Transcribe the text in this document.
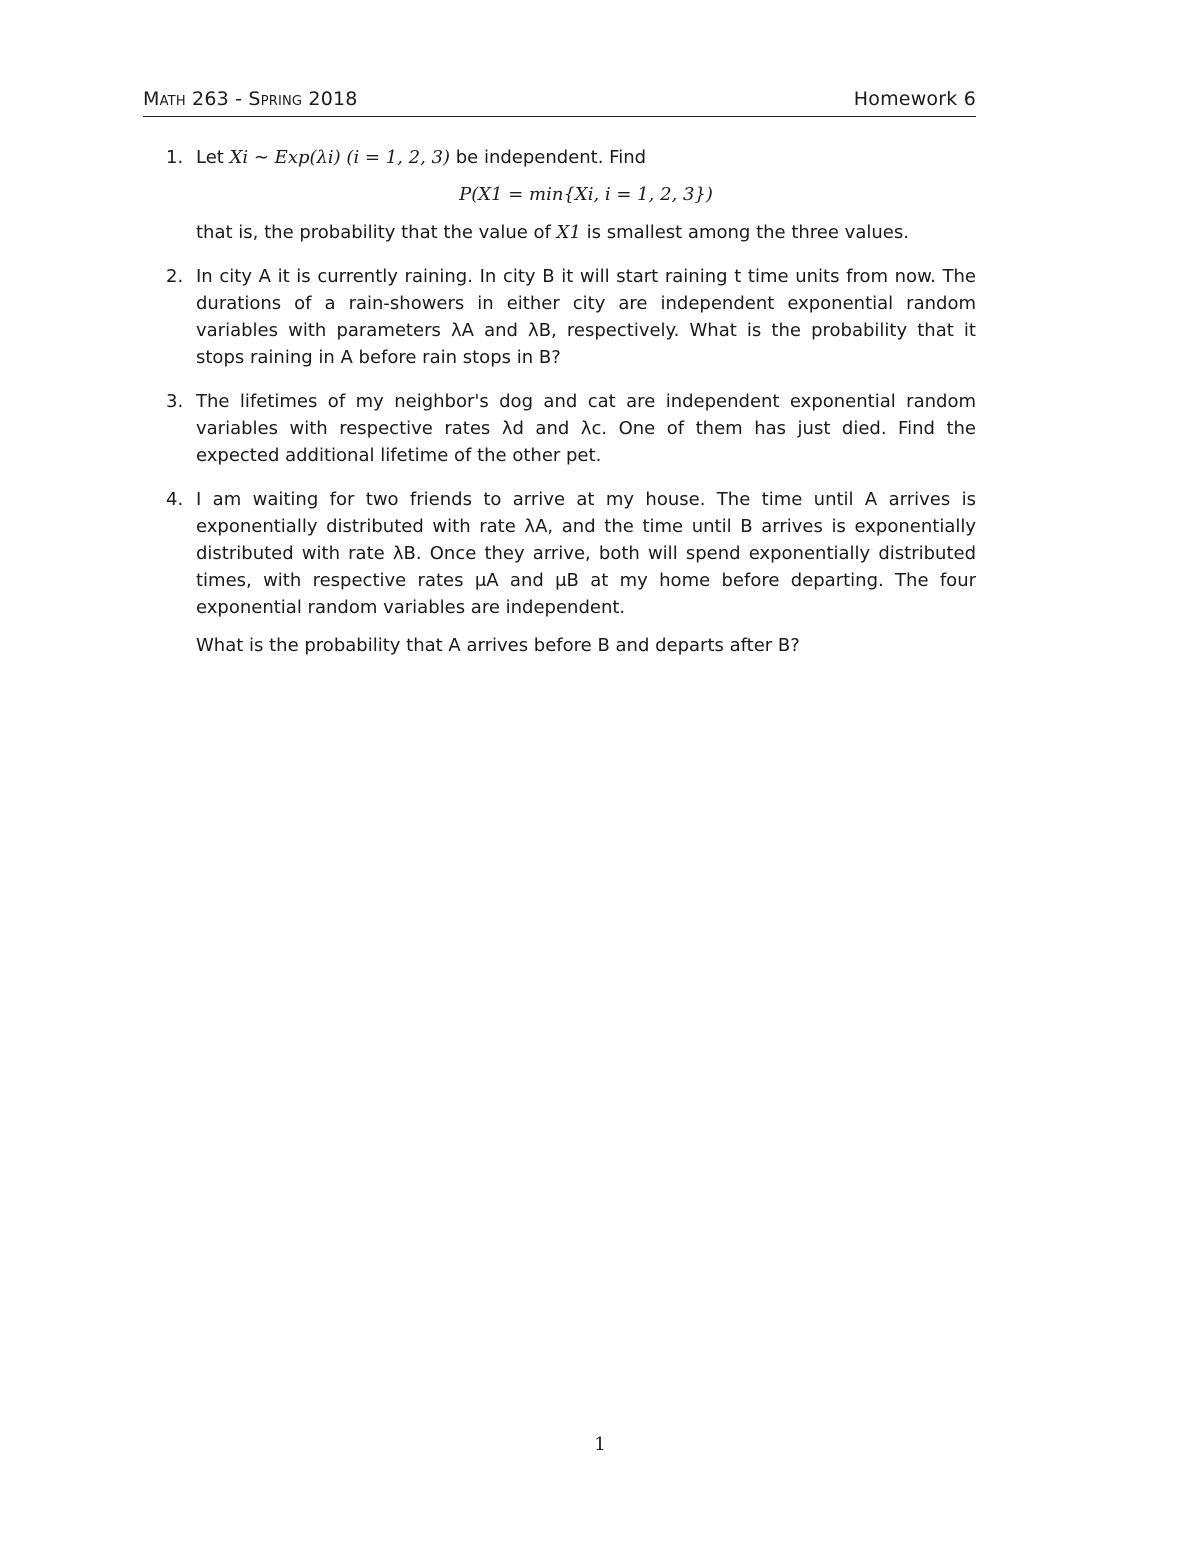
Math 263 - Spring 2018	Homework 6
1. Let Xi ∼ Exp(λi) (i = 1, 2, 3) be independent. Find

P(X1 = min{Xi, i = 1, 2, 3})

that is, the probability that the value of X1 is smallest among the three values.

2. In city A it is currently raining. In city B it will start raining t time units from now. The durations of a rain-showers in either city are independent exponential random variables with parameters λA and λB, respectively. What is the probability that it stops raining in A before rain stops in B?

3. The lifetimes of my neighbor's dog and cat are independent exponential random variables with respective rates λd and λc. One of them has just died. Find the expected additional lifetime of the other pet.

4. I am waiting for two friends to arrive at my house. The time until A arrives is exponentially distributed with rate λA, and the time until B arrives is exponentially distributed with rate λB. Once they arrive, both will spend exponentially distributed times, with respective rates μA and μB at my home before departing. The four exponential random variables are independent.

What is the probability that A arrives before B and departs after B?

1
